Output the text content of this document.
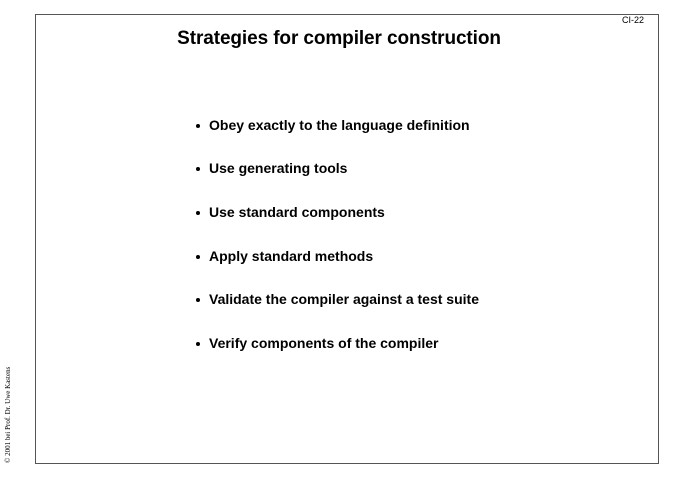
CI-22
Strategies for compiler construction
Obey exactly to the language definition
Use generating tools
Use standard components
Apply standard methods
Validate the compiler against a test suite
Verify components of the compiler
© 2001 bei Prof. Dr. Uwe Kastens
